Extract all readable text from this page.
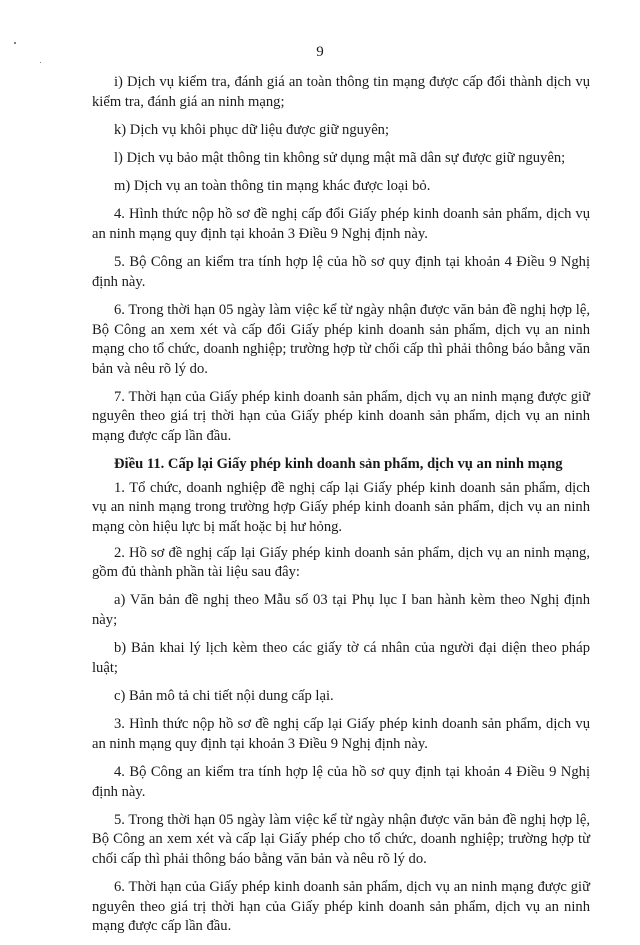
9

i) Dịch vụ kiểm tra, đánh giá an toàn thông tin mạng được cấp đổi thành dịch vụ kiểm tra, đánh giá an ninh mạng;

k) Dịch vụ khôi phục dữ liệu được giữ nguyên;

l) Dịch vụ bảo mật thông tin không sử dụng mật mã dân sự được giữ nguyên;

m) Dịch vụ an toàn thông tin mạng khác được loại bỏ.

4. Hình thức nộp hồ sơ đề nghị cấp đổi Giấy phép kinh doanh sản phẩm, dịch vụ an ninh mạng quy định tại khoản 3 Điều 9 Nghị định này.

5. Bộ Công an kiểm tra tính hợp lệ của hồ sơ quy định tại khoản 4 Điều 9 Nghị định này.

6. Trong thời hạn 05 ngày làm việc kể từ ngày nhận được văn bản đề nghị hợp lệ, Bộ Công an xem xét và cấp đổi Giấy phép kinh doanh sản phẩm, dịch vụ an ninh mạng cho tổ chức, doanh nghiệp; trường hợp từ chối cấp thì phải thông báo bằng văn bản và nêu rõ lý do.

7. Thời hạn của Giấy phép kinh doanh sản phẩm, dịch vụ an ninh mạng được giữ nguyên theo giá trị thời hạn của Giấy phép kinh doanh sản phẩm, dịch vụ an ninh mạng được cấp lần đầu.

Điều 11. Cấp lại Giấy phép kinh doanh sản phẩm, dịch vụ an ninh mạng

1. Tổ chức, doanh nghiệp đề nghị cấp lại Giấy phép kinh doanh sản phẩm, dịch vụ an ninh mạng trong trường hợp Giấy phép kinh doanh sản phẩm, dịch vụ an ninh mạng còn hiệu lực bị mất hoặc bị hư hỏng.

2. Hồ sơ đề nghị cấp lại Giấy phép kinh doanh sản phẩm, dịch vụ an ninh mạng, gồm đủ thành phần tài liệu sau đây:

a) Văn bản đề nghị theo Mẫu số 03 tại Phụ lục I ban hành kèm theo Nghị định này;

b) Bản khai lý lịch kèm theo các giấy tờ cá nhân của người đại diện theo pháp luật;

c) Bản mô tả chi tiết nội dung cấp lại.

3. Hình thức nộp hồ sơ đề nghị cấp lại Giấy phép kinh doanh sản phẩm, dịch vụ an ninh mạng quy định tại khoản 3 Điều 9 Nghị định này.

4. Bộ Công an kiểm tra tính hợp lệ của hồ sơ quy định tại khoản 4 Điều 9 Nghị định này.

5. Trong thời hạn 05 ngày làm việc kể từ ngày nhận được văn bản đề nghị hợp lệ, Bộ Công an xem xét và cấp lại Giấy phép cho tổ chức, doanh nghiệp; trường hợp từ chối cấp thì phải thông báo bằng văn bản và nêu rõ lý do.

6. Thời hạn của Giấy phép kinh doanh sản phẩm, dịch vụ an ninh mạng được giữ nguyên theo giá trị thời hạn của Giấy phép kinh doanh sản phẩm, dịch vụ an ninh mạng được cấp lần đầu.
